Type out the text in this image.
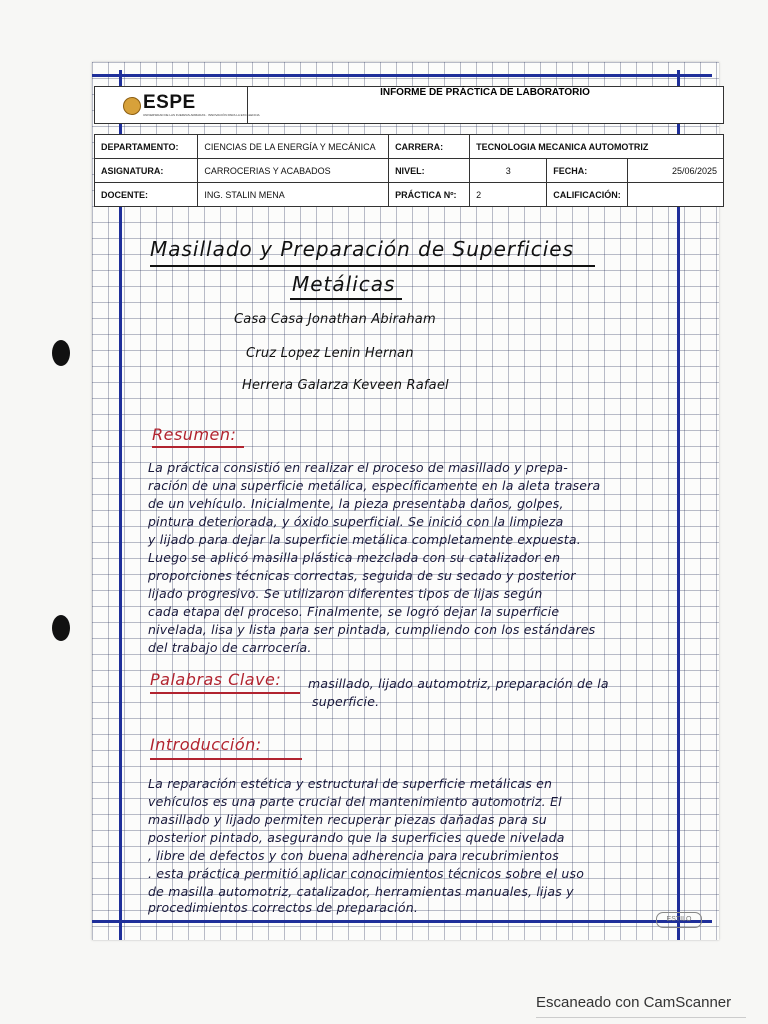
ESPE
UNIVERSIDAD DE LAS FUERZAS ARMADAS · INNOVACIÓN PARA LA EXCELENCIA
INFORME DE PRÁCTICA DE LABORATORIO
DEPARTAMENTO:	CIENCIAS DE LA ENERGÍA Y MECÁNICA	CARRERA:	TECNOLOGIA MECANICA AUTOMOTRIZ		
ASIGNATURA:	CARROCERIAS Y ACABADOS	NIVEL:	3	FECHA:	25/06/2025
DOCENTE:	ING. STALIN MENA	PRÁCTICA Nº:	2	CALIFICACIÓN:	
Masillado y Preparación de Superficies
Metálicas
Casa Casa Jonathan Abiraham
Cruz Lopez Lenin Hernan
Herrera Galarza Keveen Rafael
Resumen:
La práctica consistió en realizar el proceso de masillado y prepa-
ración de una superficie metálica, específicamente en la aleta trasera
de un vehículo. Inicialmente, la pieza presentaba daños, golpes,
pintura deteriorada, y óxido superficial. Se inició con la limpieza
y lijado para dejar la superficie metálica completamente expuesta.
Luego se aplicó masilla plástica mezclada con su catalizador en
proporciones técnicas correctas, seguida de su secado y posterior
lijado progresivo. Se utilizaron diferentes tipos de lijas según
cada etapa del proceso. Finalmente, se logró dejar la superficie
nivelada, lisa y lista para ser pintada, cumpliendo con los estándares
del trabajo de carrocería.
Palabras Clave: masillado, lijado automotriz, preparación de la
superficie.
Introducción:
La reparación estética y estructural de superficie metálicas en
vehículos es una parte crucial del mantenimiento automotriz. El
masillado y lijado permiten recuperar piezas dañadas para su
posterior pintado, asegurando que la superficies quede nivelada
, libre de defectos y con buena adherencia para recubrimientos
. esta práctica permitió aplicar conocimientos técnicos sobre el uso
de masilla automotriz, catalizador, herramientas manuales, lijas y
procedimientos correctos de preparación.
ESTILO
Escaneado con CamScanner
